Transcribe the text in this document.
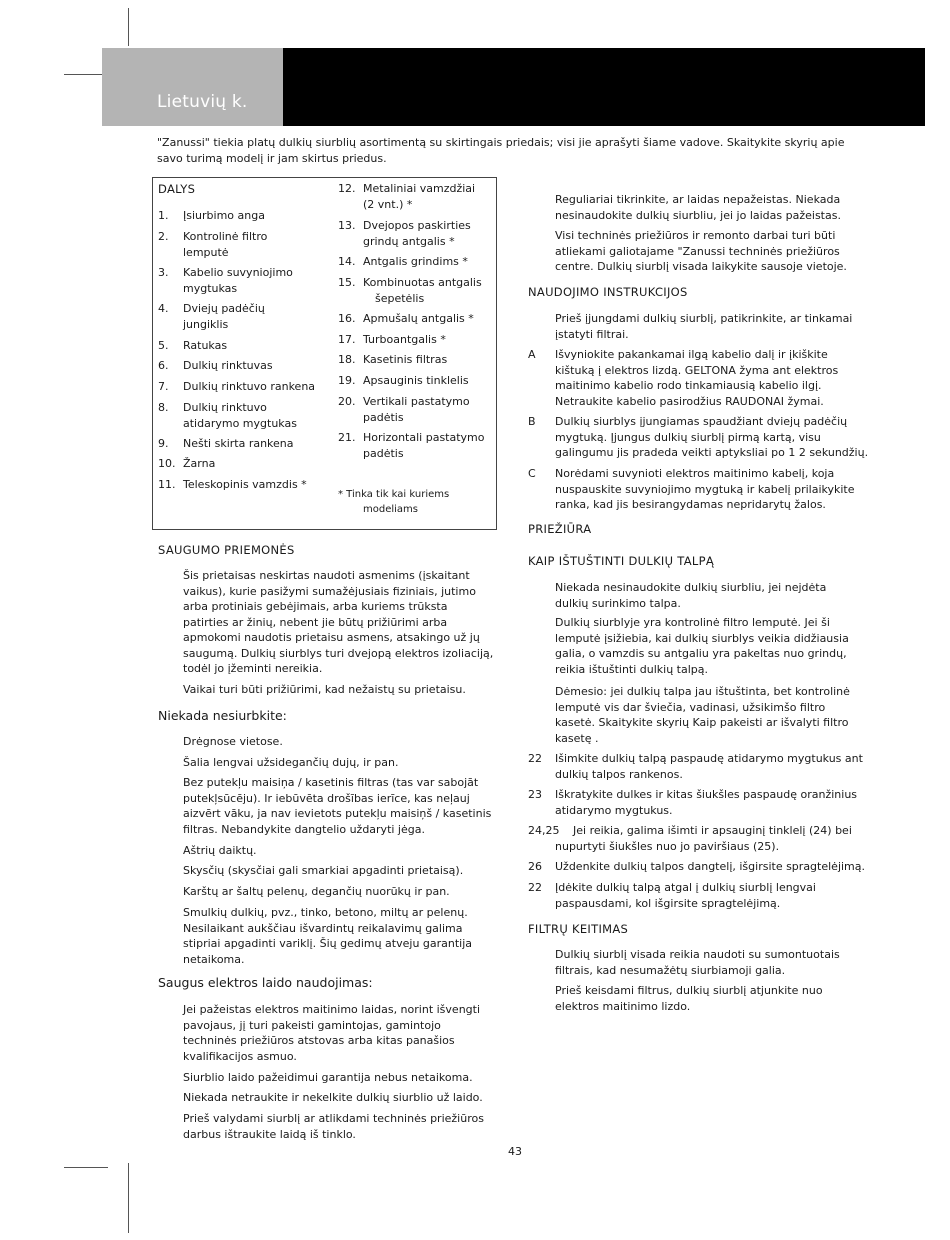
Lietuvių k.
"Zanussi" tiekia platų dulkių siurblių asortimentą su skirtingais priedais; visi jie aprašyti šiame vadove. Skaitykite skyrių apie savo turimą modelį ir jam skirtus priedus.
DALYS
1. Įsiurbimo anga
2. Kontrolinė filtro
lemputė
3. Kabelio suvyniojimo
mygtukas
4. Dviejų padėčių
jungiklis
5. Ratukas
6. Dulkių rinktuvas
7. Dulkių rinktuvo rankena
8. Dulkių rinktuvo
atidarymo mygtukas
9. Nešti skirta rankena
10. Žarna
11. Teleskopinis vamzdis *
12. Metaliniai vamzdžiai
(2 vnt.) *
13. Dvejopos paskirties
grindų antgalis *
14. Antgalis grindims *
15. Kombinuotas antgalis
šepetėlis
16. Apmušalų antgalis *
17. Turboantgalis *
18. Kasetinis filtras
19. Apsauginis tinklelis
20. Vertikali pastatymo
padėtis
21. Horizontali pastatymo
padėtis
* Tinka tik kai kuriems
modeliams
SAUGUMO PRIEMONĖS
Šis prietaisas neskirtas naudoti asmenims (įskaitant
vaikus), kurie pasižymi sumažėjusiais fiziniais, jutimo
arba protiniais gebėjimais, arba kuriems trūksta
patirties ar žinių, nebent jie būtų prižiūrimi arba
apmokomi naudotis prietaisu asmens, atsakingo už jų
saugumą. Dulkių siurblys turi dvejopą elektros izoliaciją,
todėl jo įžeminti nereikia.
Vaikai turi būti prižiūrimi, kad nežaistų su prietaisu.
Niekada nesiurbkite:
Drėgnose vietose.
Šalia lengvai užsidegančių dujų, ir pan.
Bez putekļu maisiņa / kasetinis filtras (tas var sabojāt
putekļsūcēju). Ir iebūvēta drošības ierīce, kas neļauj
aizvērt vāku, ja nav ievietots putekļu maisiņš / kasetinis
filtras. Nebandykite dangtelio uždaryti jėga.
Aštrių daiktų.
Skysčių (skysčiai gali smarkiai apgadinti prietaisą).
Karštų ar šaltų pelenų, degančių nuorūkų ir pan.
Smulkių dulkių, pvz., tinko, betono, miltų ar pelenų.
Nesilaikant aukščiau išvardintų reikalavimų galima
stipriai apgadinti variklį. Šių gedimų atveju garantija
netaikoma.
Saugus elektros laido naudojimas:
Jei pažeistas elektros maitinimo laidas, norint išvengti
pavojaus, jį turi pakeisti gamintojas, gamintojo
techninės priežiūros atstovas arba kitas panašios
kvalifikacijos asmuo.
Siurblio laido pažeidimui garantija nebus netaikoma.
Niekada netraukite ir nekelkite dulkių siurblio už laido.
Prieš valydami siurblį ar atlikdami techninės priežiūros
darbus ištraukite laidą iš tinklo.
Reguliariai tikrinkite, ar laidas nepažeistas. Niekada
nesinaudokite dulkių siurbliu, jei jo laidas pažeistas.
Visi techninės priežiūros ir remonto darbai turi būti
atliekami galiotajame "Zanussi techninės priežiūros
centre. Dulkių siurblį visada laikykite sausoje vietoje.
NAUDOJIMO INSTRUKCIJOS
Prieš įjungdami dulkių siurblį, patikrinkite, ar tinkamai
įstatyti filtrai.
A Išvyniokite pakankamai ilgą kabelio dalį ir įkiškite
kištuką į elektros lizdą. GELTONA žyma ant elektros
maitinimo kabelio rodo tinkamiausią kabelio ilgį.
Netraukite kabelio pasirodžius RAUDONAI žymai.
B Dulkių siurblys įjungiamas spaudžiant dviejų padėčių
mygtuką. Įjungus dulkių siurblį pirmą kartą, visu
galingumu jis pradeda veikti aptyksliai po 1 2 sekundžių.
C Norėdami suvynioti elektros maitinimo kabelį, koja
nuspauskite suvyniojimo mygtuką ir kabelį prilaikykite
ranka, kad jis besirangydamas nepridarytų žalos.
PRIEŽIŪRA
KAIP IŠTUŠTINTI DULKIŲ TALPĄ
Niekada nesinaudokite dulkių siurbliu, jei nejdėta
dulkių surinkimo talpa.
Dulkių siurblyje yra kontrolinė filtro lemputė. Jei ši
lemputė įsižiebia, kai dulkių siurblys veikia didžiausia
galia, o vamzdis su antgaliu yra pakeltas nuo grindų,
reikia ištuštinti dulkių talpą.
Dėmesio: jei dulkių talpa jau ištuštinta, bet kontrolinė
lemputė vis dar šviečia, vadinasi, užsikimšo filtro
kasetė. Skaitykite skyrių Kaip pakeisti ar išvalyti filtro
kasetę .
22 Išimkite dulkių talpą paspaudę atidarymo mygtukus ant
dulkių talpos rankenos.
23 Iškratykite dulkes ir kitas šiukšles paspaudę oranžinius
atidarymo mygtukus.
24,25 Jei reikia, galima išimti ir apsauginį tinklelį (24) bei
nupurtyti šiukšles nuo jo paviršiaus (25).
26 Uždenkite dulkių talpos dangtelį, išgirsite spragtelėjimą.
22 Įdėkite dulkių talpą atgal į dulkių siurblį lengvai
paspausdami, kol išgirsite spragtelėjimą.
FILTRŲ KEITIMAS
Dulkių siurblį visada reikia naudoti su sumontuotais
filtrais, kad nesumažėtų siurbiamoji galia.
Prieš keisdami filtrus, dulkių siurblį atjunkite nuo
elektros maitinimo lizdo.
43
